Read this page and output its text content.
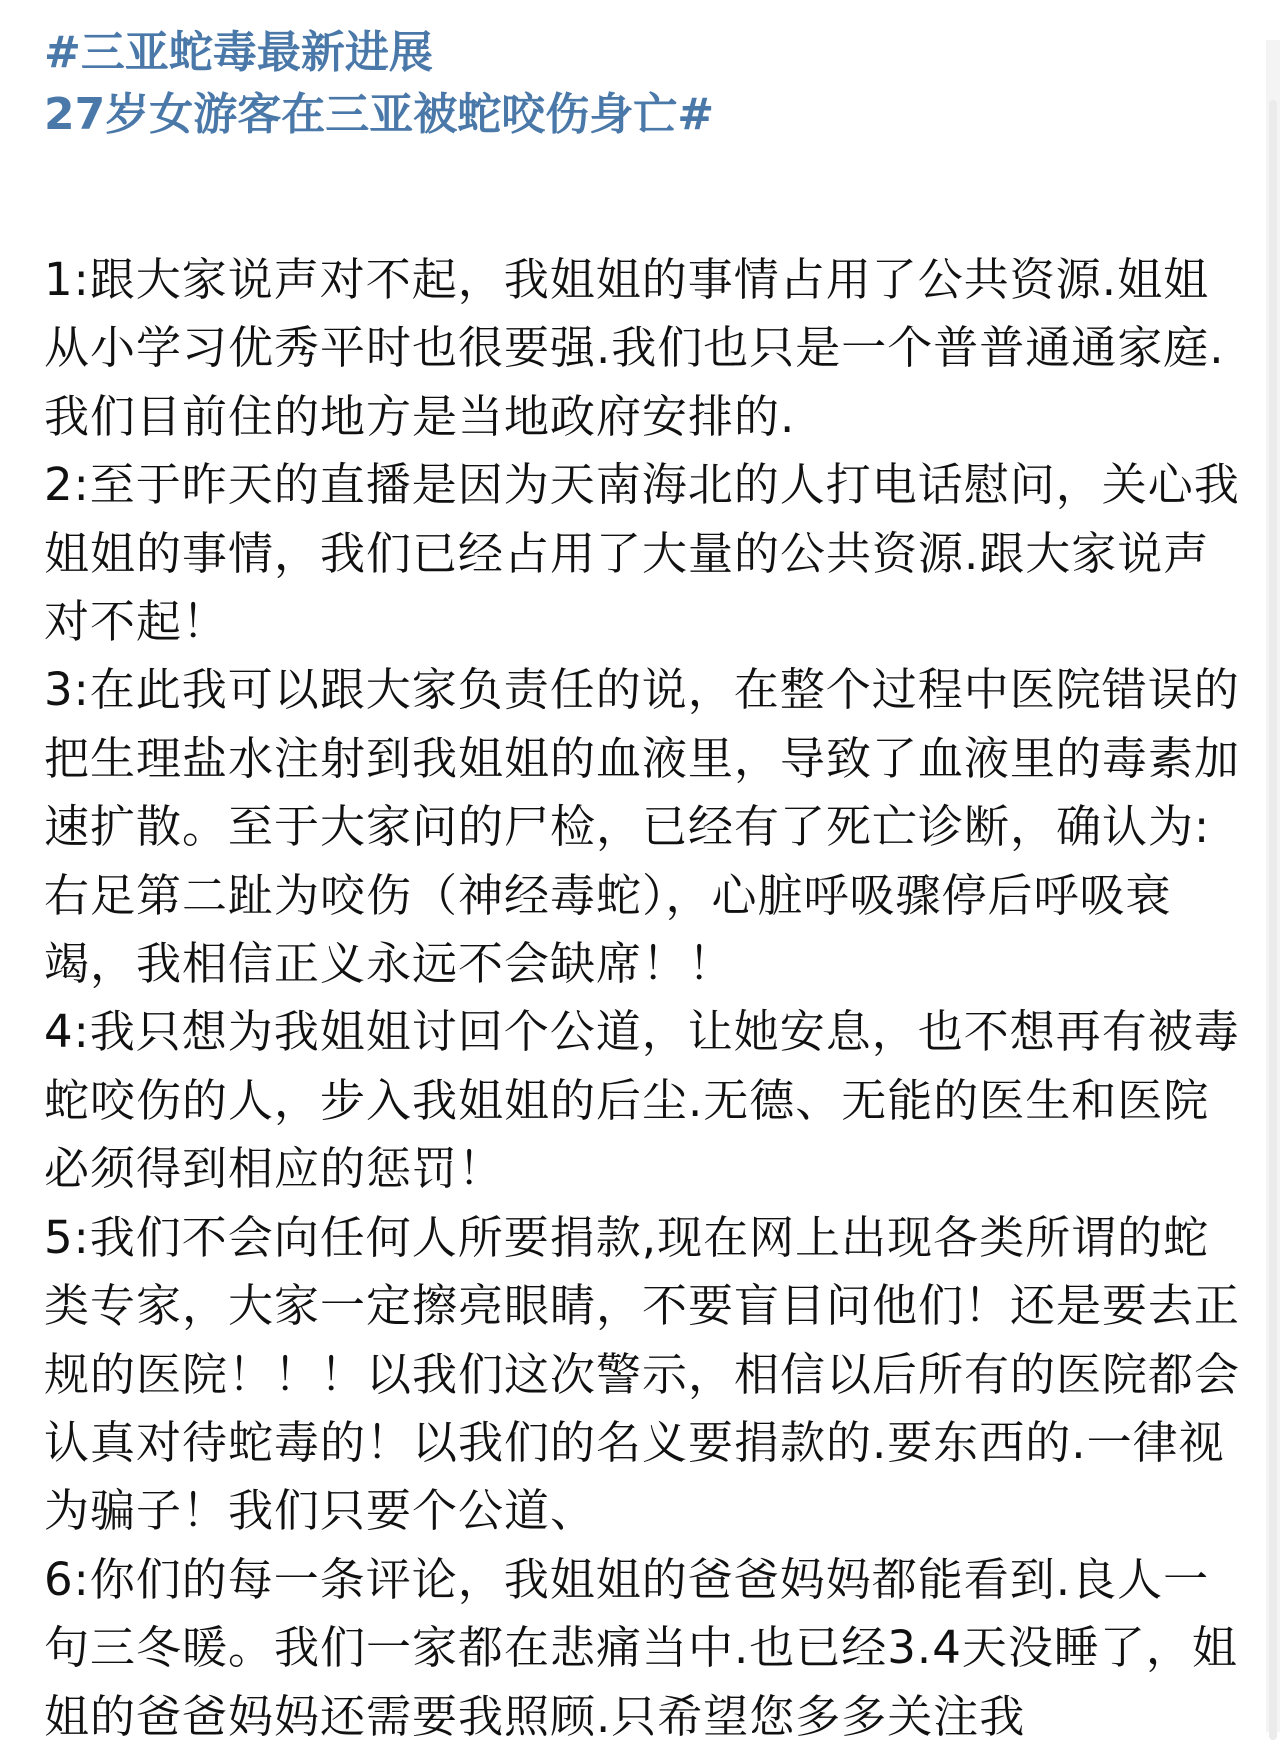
#三亚蛇毒最新进展
27岁女游客在三亚被蛇咬伤身亡#

1:跟大家说声对不起，我姐姐的事情占用了公共资源.姐姐从小学习优秀平时也很要强.我们也只是一个普普通通家庭.我们目前住的地方是当地政府安排的.

2:至于昨天的直播是因为天南海北的人打电话慰问，关心我姐姐的事情，我们已经占用了大量的公共资源.跟大家说声对不起！

3:在此我可以跟大家负责任的说，在整个过程中医院错误的把生理盐水注射到我姐姐的血液里，导致了血液里的毒素加速扩散。至于大家问的尸检，已经有了死亡诊断，确认为:右足第二趾为咬伤（神经毒蛇），心脏呼吸骤停后呼吸衰竭，我相信正义永远不会缺席！！

4:我只想为我姐姐讨回个公道，让她安息，也不想再有被毒蛇咬伤的人，步入我姐姐的后尘.无德、无能的医生和医院必须得到相应的惩罚！

5:我们不会向任何人所要捐款,现在网上出现各类所谓的蛇类专家，大家一定擦亮眼睛，不要盲目问他们！还是要去正规的医院！！！以我们这次警示，相信以后所有的医院都会认真对待蛇毒的！以我们的名义要捐款的.要东西的.一律视为骗子！我们只要个公道、

6:你们的每一条评论，我姐姐的爸爸妈妈都能看到.良人一句三冬暖。我们一家都在悲痛当中.也已经3.4天没睡了，姐姐的爸爸妈妈还需要我照顾.只希望您多多关注我
